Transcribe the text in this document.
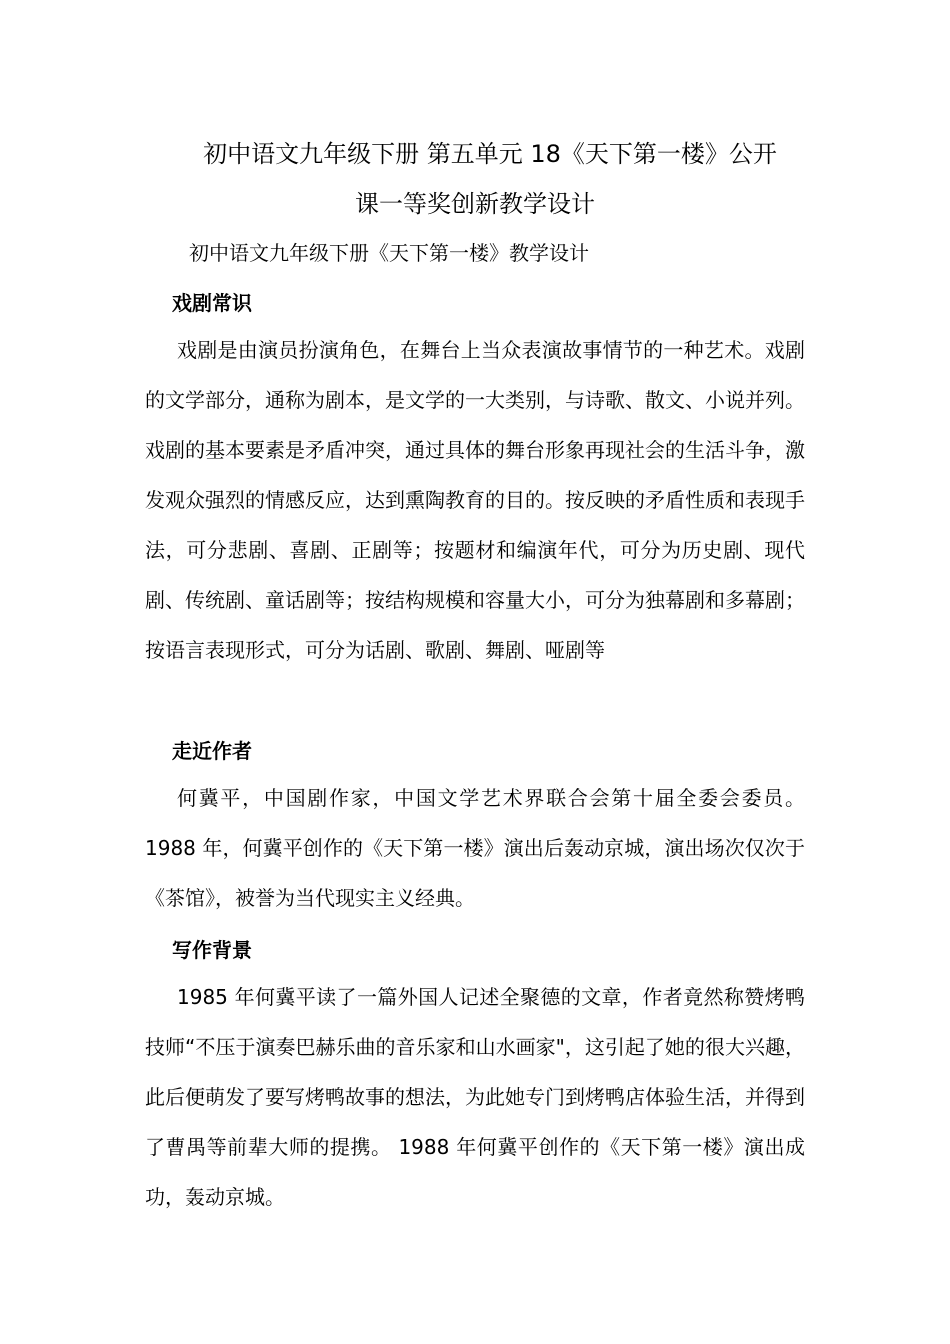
初中语文九年级下册 第五单元 18《天下第一楼》公开
课一等奖创新教学设计

初中语文九年级下册《天下第一楼》教学设计

戏剧常识

戏剧是由演员扮演角色，在舞台上当众表演故事情节的一种艺术。戏剧的文学部分，通称为剧本，是文学的一大类别，与诗歌、散文、小说并列。戏剧的基本要素是矛盾冲突，通过具体的舞台形象再现社会的生活斗争，激发观众强烈的情感反应，达到熏陶教育的目的。按反映的矛盾性质和表现手法，可分悲剧、喜剧、正剧等；按题材和编演年代，可分为历史剧、现代剧、传统剧、童话剧等；按结构规模和容量大小，可分为独幕剧和多幕剧；按语言表现形式，可分为话剧、歌剧、舞剧、哑剧等

走近作者

何冀平，中国剧作家，中国文学艺术界联合会第十届全委会委员。1988 年，何冀平创作的《天下第一楼》演出后轰动京城，演出场次仅次于《茶馆》，被誉为当代现实主义经典。

写作背景

1985 年何冀平读了一篇外国人记述全聚德的文章，作者竟然称赞烤鸭技师“不压于演奏巴赫乐曲的音乐家和山水画家"，这引起了她的很大兴趣，此后便萌发了要写烤鸭故事的想法，为此她专门到烤鸭店体验生活，并得到了曹禺等前辈大师的提携。 1988 年何冀平创作的《天下第一楼》演出成功，轰动京城。
